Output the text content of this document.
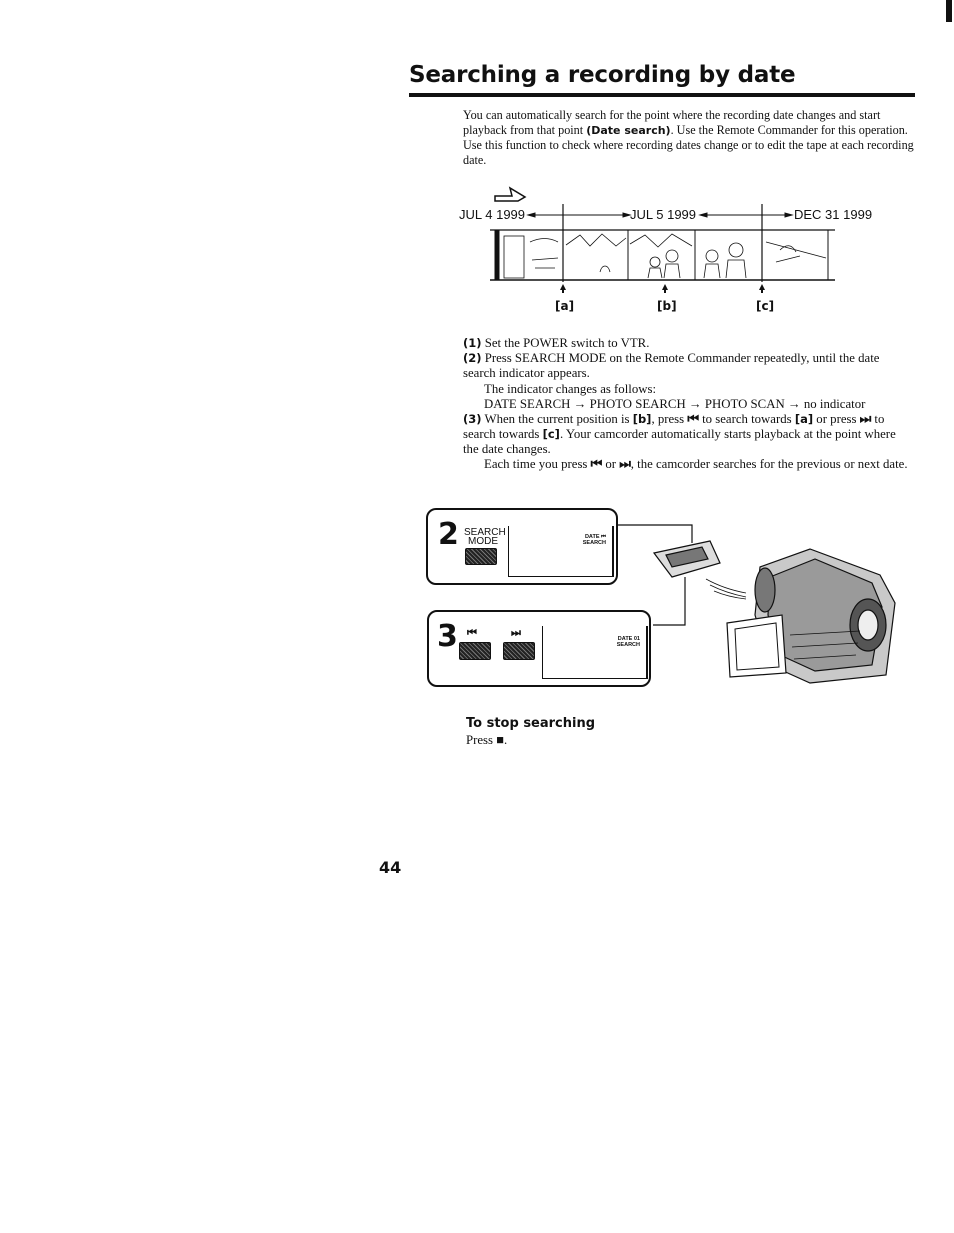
Searching a recording by date

You can automatically search for the point where the recording date changes and start playback from that point (Date search). Use the Remote Commander for this operation. Use this function to check where recording dates change or to edit the tape at each recording date.

JUL 4 1999	JUL 5 1999	DEC 31 1999
[a]	[b]	[c]
(1) Set the POWER switch to VTR.
(2) Press SEARCH MODE on the Remote Commander repeatedly, until the date search indicator appears.
The indicator changes as follows:
DATE SEARCH → PHOTO SEARCH → PHOTO SCAN → no indicator
(3) When the current position is [b], press ⏮ to search towards [a] or press ⏭ to search towards [c]. Your camcorder automatically starts playback at the point where the date changes.
Each time you press ⏮ or ⏭, the camcorder searches for the previous or next date.
2 SEARCH
MODE	DATE ⏮
SEARCH
3 ⏮	⏭	DATE 01
SEARCH
To stop searching
Press ■.
44
